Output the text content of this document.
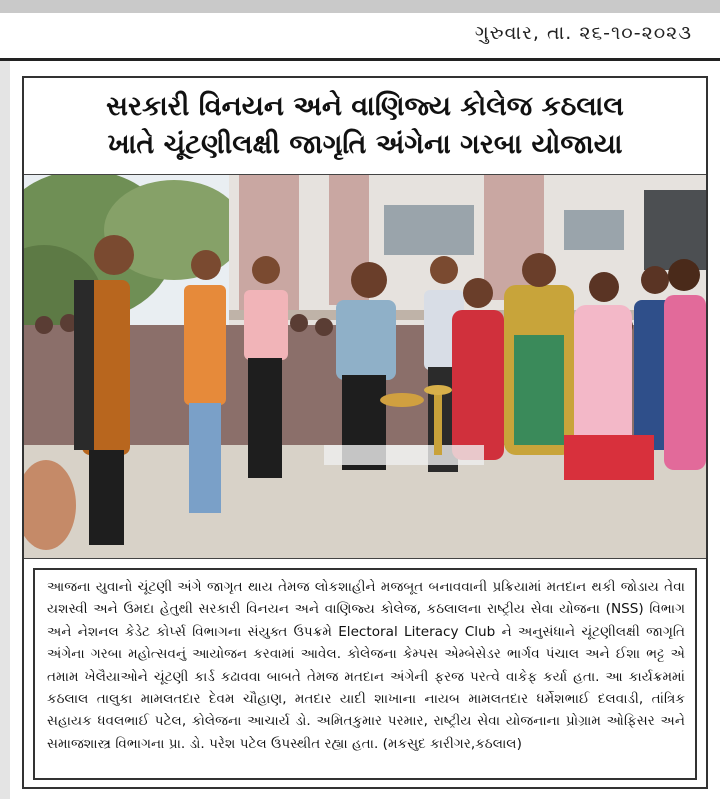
ગુરુવાર, તા. ૨૬-૧૦-૨૦૨૩
સરકારી વિનયન અને વાણિજ્ય કોલેજ કઠલાલ
ખાતે ચૂંટણીલક્ષી જાગૃતિ અંગેના ગરબા યોજાયા

આજના યુવાનો ચૂંટણી અંગે જાગૃત થાય તેમજ લોકશાહીને મજબૂત બનાવવાની પ્રક્રિયામાં મતદાન થકી જોડાય તેવા યશસ્વી અને ઉમદા હેતુથી સરકારી વિનયન અને વાણિજ્ય કોલેજ, કઠલાલના રાષ્ટ્રીય સેવા યોજના (NSS) વિભાગ અને નેશનલ કેડેટ કોર્પ્સ વિભાગના સંયુક્ત ઉપક્રમે Electoral Literacy Club ને અનુસંધાને ચૂંટણીલક્ષી જાગૃતિ અંગેના ગરબા મહોત્સવનું આયોજન કરવામાં આવેલ. કોલેજના કેમ્પસ એમ્બેસેડર ભાર્ગવ પંચાલ અને ઈશા ભટ્ટ એ તમામ ખેલૈયાઓને ચૂંટણી કાર્ડ કઢાવવા બાબતે તેમજ મતદાન અંગેની ફરજ પરત્વે વાકેફ કર્યા હતા. આ કાર્યક્રમમાં કઠલાલ તાલુકા મામલતદાર દેવમ ચૌહાણ, મતદાર યાદી શાખાના નાયબ મામલતદાર ધર્મેશભાઈ દલવાડી, તાંત્રિક સહાયક ધવલભાઈ પટેલ, કોલેજના આચાર્ય ડો. અમિતકુમાર પરમાર, રાષ્ટ્રીય સેવા યોજનાના પ્રોગ્રામ ઓફિસર અને સમાજશાસ્ત્ર વિભાગના પ્રા. ડો. પરેશ પટેલ ઉપસ્થીત રહ્યા હતા. (મકસુદ કારીગર,કઠલાલ)
